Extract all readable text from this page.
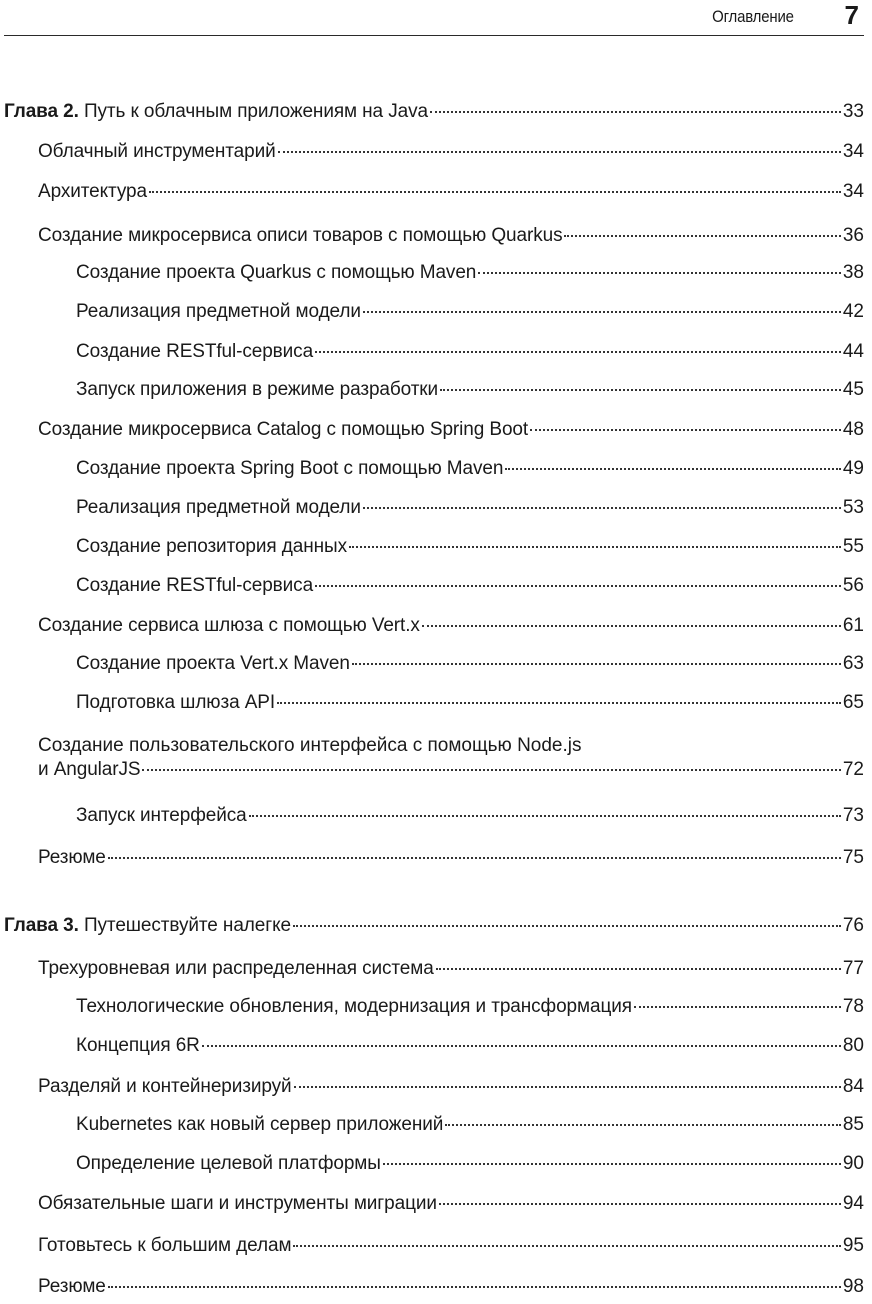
Оглавление 7
Глава 2. Путь к облачным приложениям на Java	33
Облачный инструментарий	34
Архитектура	34
Создание микросервиса описи товаров с помощью Quarkus	36
Создание проекта Quarkus с помощью Maven	38
Реализация предметной модели	42
Создание RESTful-сервиса	44
Запуск приложения в режиме разработки	45
Создание микросервиса Catalog с помощью Spring Boot	48
Создание проекта Spring Boot с помощью Maven	49
Реализация предметной модели	53
Создание репозитория данных	55
Создание RESTful-сервиса	56
Создание сервиса шлюза с помощью Vert.x	61
Создание проекта Vert.x Maven	63
Подготовка шлюза API	65
Создание пользовательского интерфейса с помощью Node.js
и AngularJS	72
Запуск интерфейса	73
Резюме	75
Глава 3. Путешествуйте налегке	76
Трехуровневая или распределенная система	77
Технологические обновления, модернизация и трансформация	78
Концепция 6R	80
Разделяй и контейнеризируй	84
Kubernetes как новый сервер приложений	85
Определение целевой платформы	90
Обязательные шаги и инструменты миграции	94
Готовьтесь к большим делам	95
Резюме	98
